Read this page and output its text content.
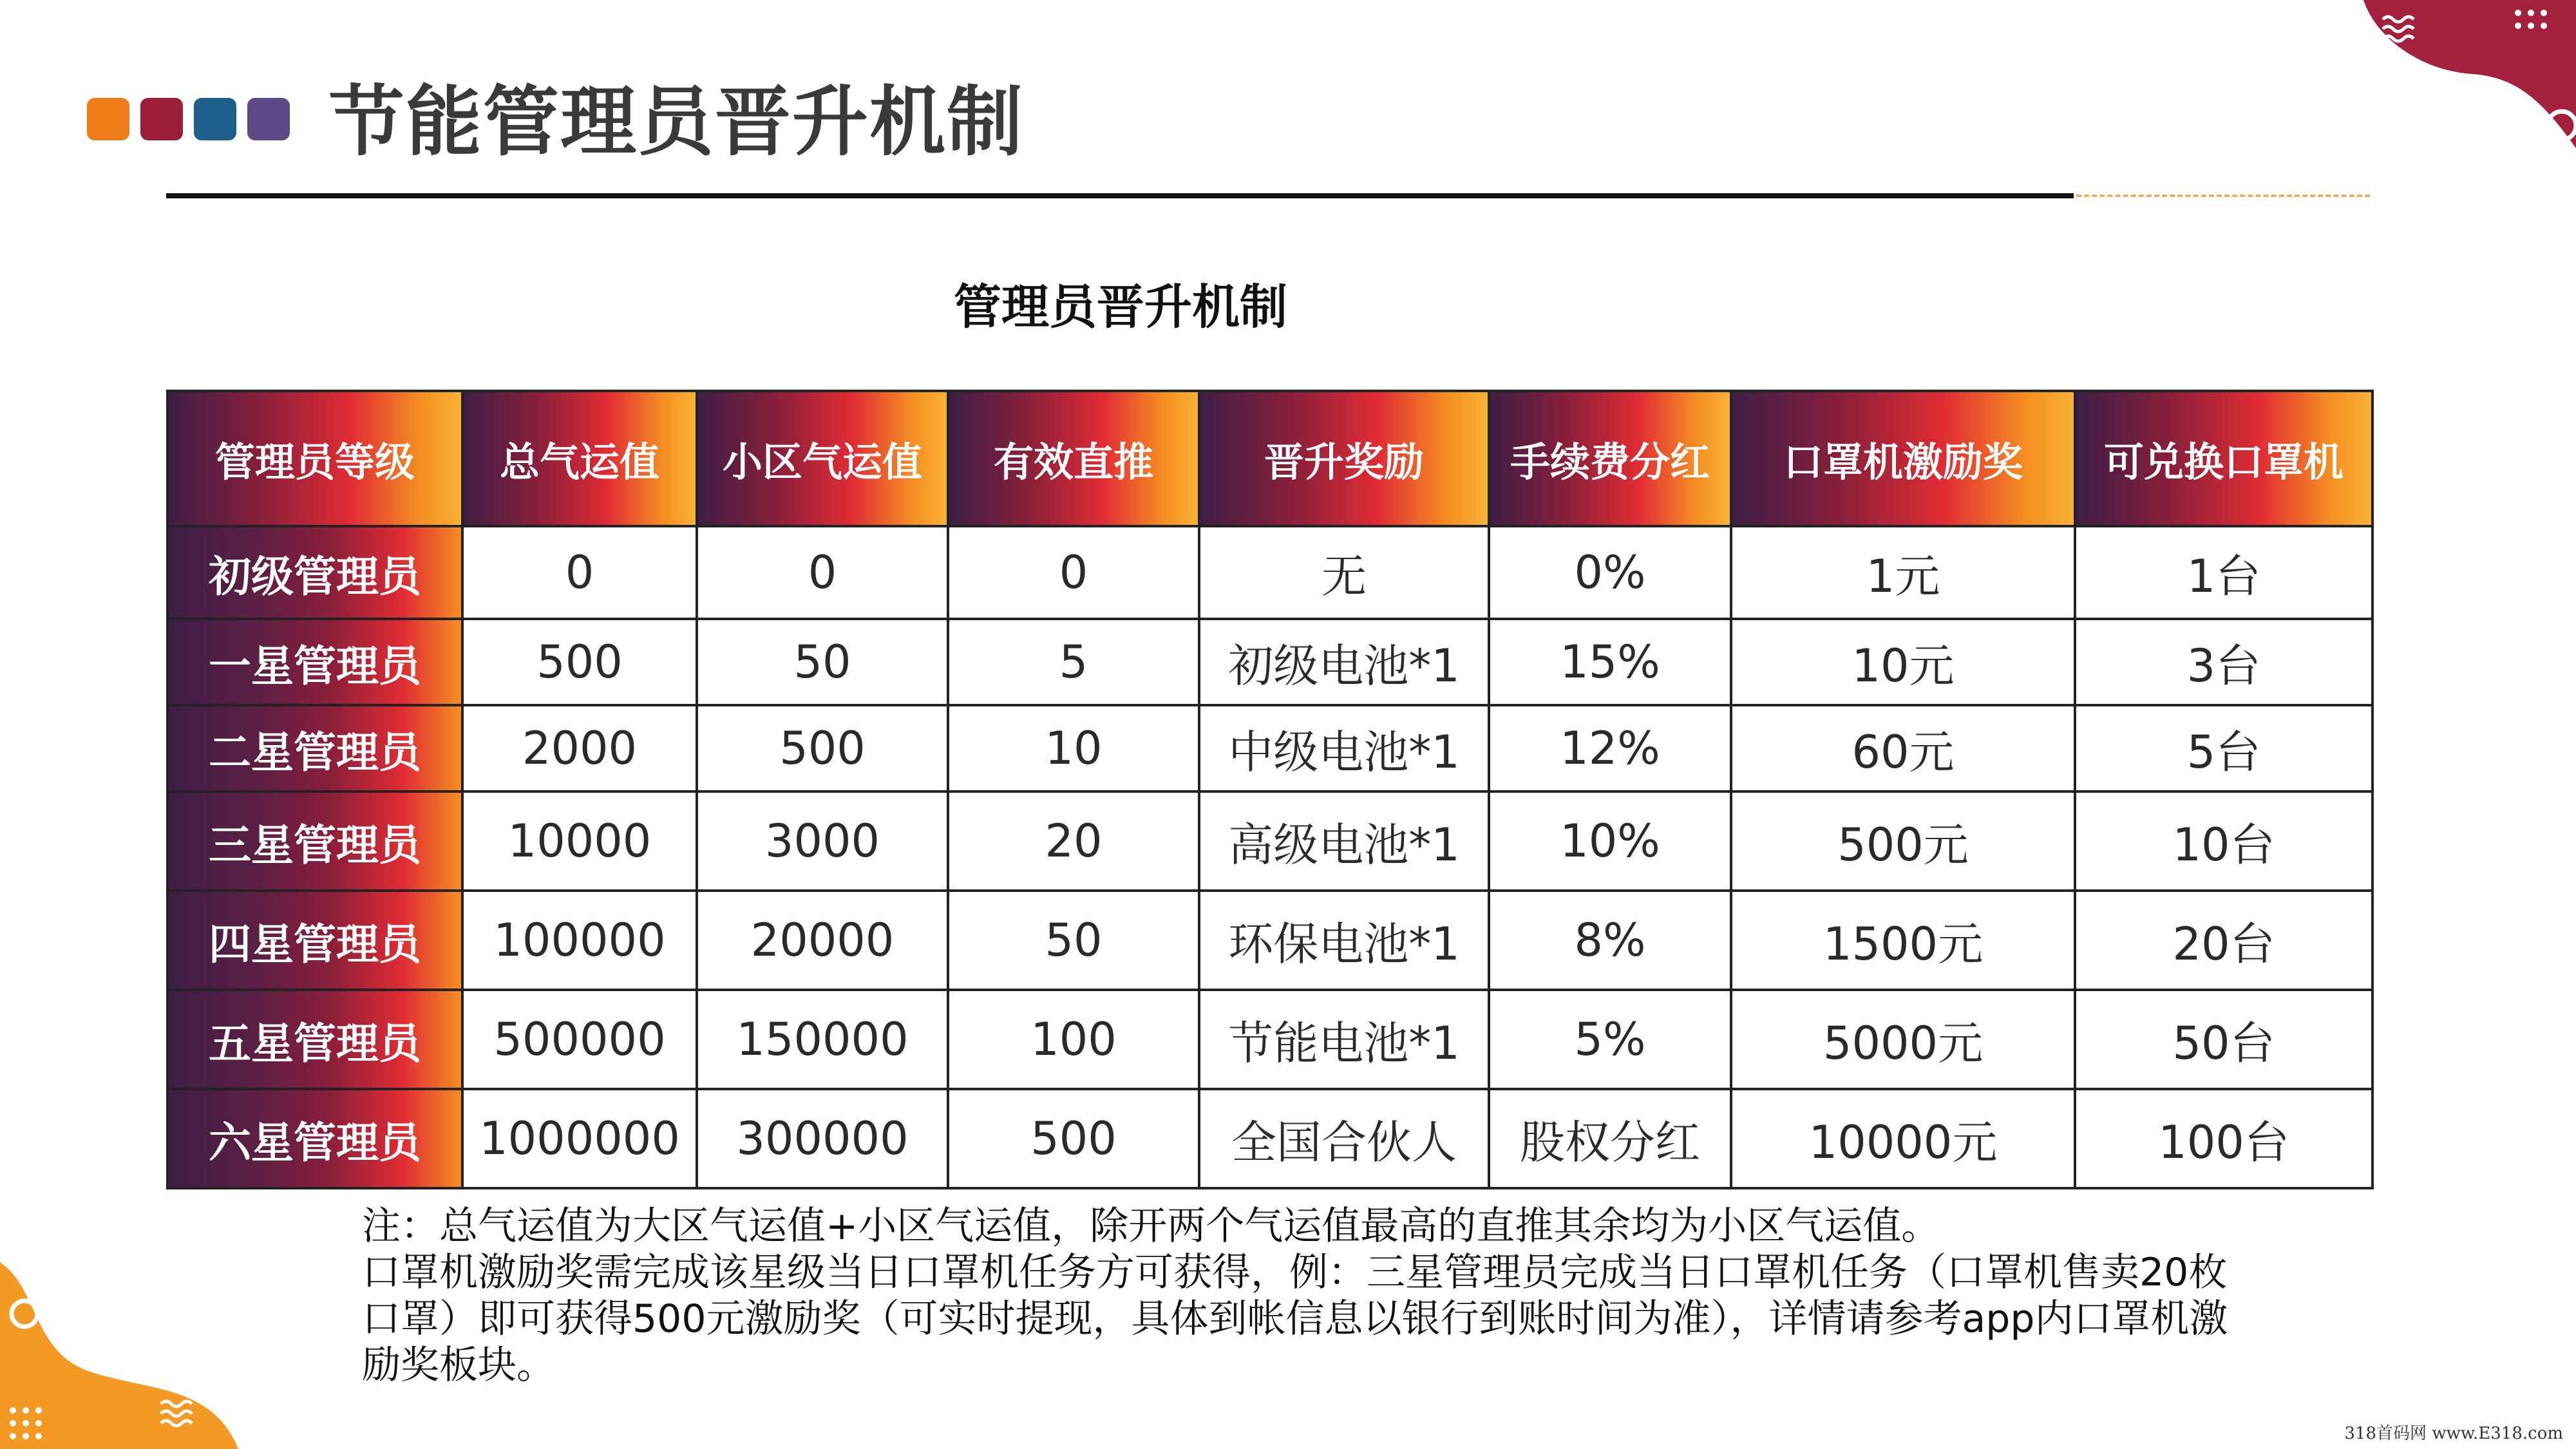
节能管理员晋升机制
管理员晋升机制
管理员等级	总气运值	小区气运值	有效直推	晋升奖励	手续费分红	口罩机激励奖	可兑换口罩机
初级管理员	0	0	0	无	0%	1元	1台
一星管理员	500	50	5	初级电池*1	15%	10元	3台
二星管理员	2000	500	10	中级电池*1	12%	60元	5台
三星管理员	10000	3000	20	高级电池*1	10%	500元	10台
四星管理员	100000	20000	50	环保电池*1	8%	1500元	20台
五星管理员	500000	150000	100	节能电池*1	5%	5000元	50台
六星管理员	1000000	300000	500	全国合伙人	股权分红	10000元	100台

注：总气运值为大区气运值+小区气运值，除开两个气运值最高的直推其余均为小区气运值。

口罩机激励奖需完成该星级当日口罩机任务方可获得，例：三星管理员完成当日口罩机任务（口罩机售卖20枚口罩）即可获得500元激励奖（可实时提现，具体到帐信息以银行到账时间为准），详情请参考app内口罩机激励奖板块。

318首码网 www.E318.com
